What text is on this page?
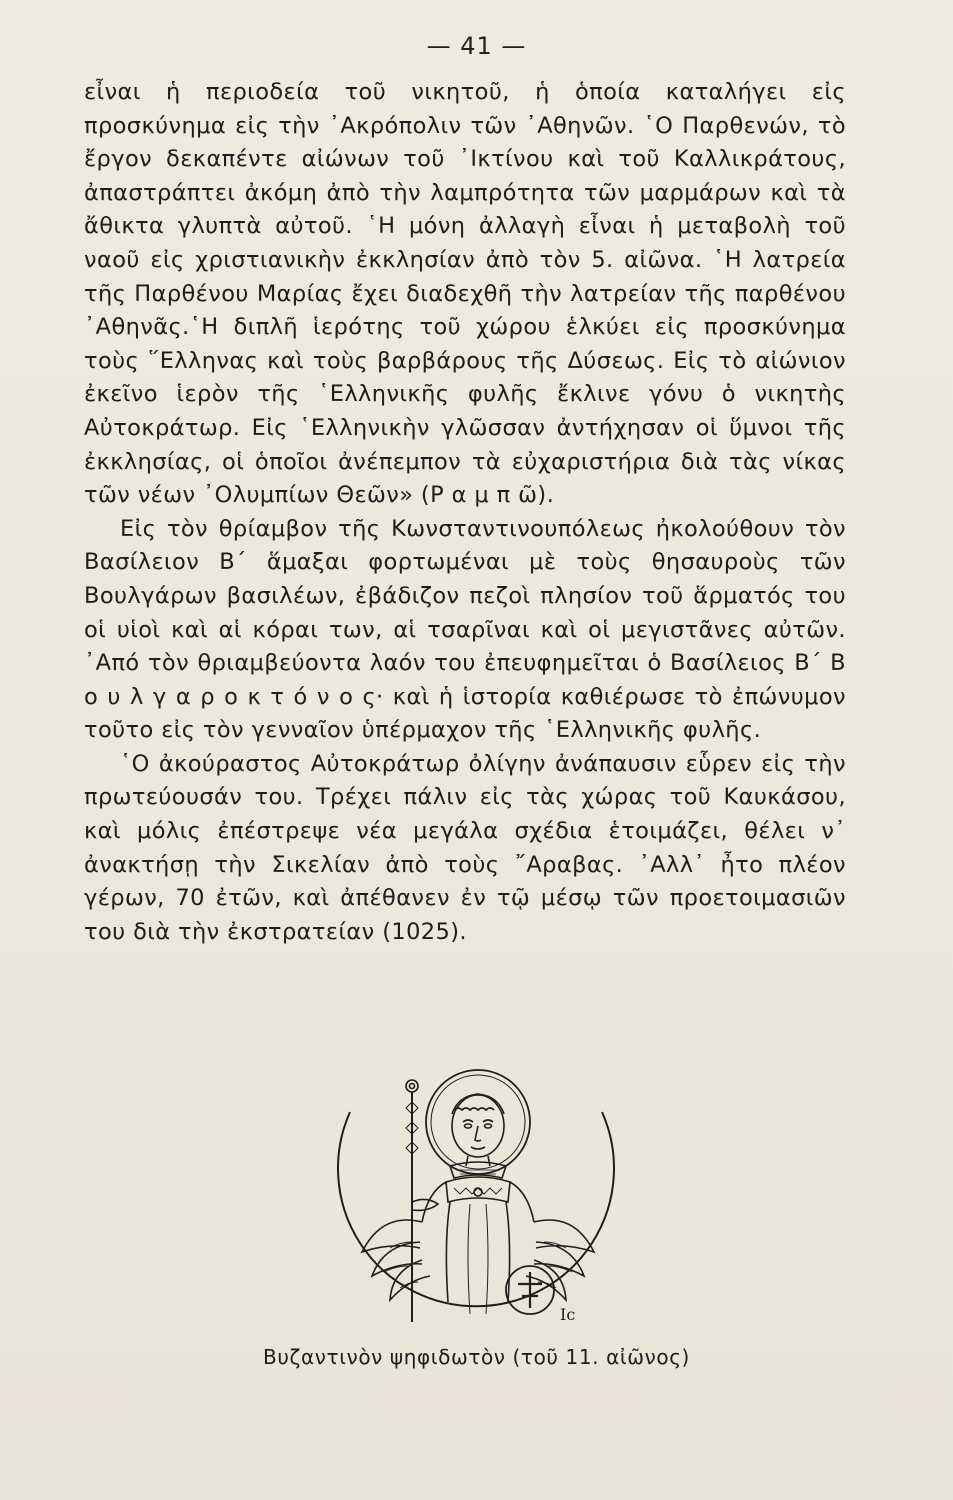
— 41 —

εἶναι ἡ περιοδεία τοῦ νικητοῦ, ἡ ὁποία καταλήγει εἰς προσκύνημα εἰς τὴν ᾿Ακρόπολιν τῶν ᾿Αθηνῶν. ῾Ο Παρθενών, τὸ ἔργον δεκαπέντε αἰώνων τοῦ ᾿Ικτίνου καὶ τοῦ Καλλικράτους, ἀπαστράπτει ἀκόμη ἀπὸ τὴν λαμπρότητα τῶν μαρμάρων καὶ τὰ ἄθικτα γλυπτὰ αὐτοῦ. ῾Η μόνη ἀλλαγὴ εἶναι ἡ μεταβολὴ τοῦ ναοῦ εἰς χριστιανικὴν ἐκκλησίαν ἀπὸ τὸν 5. αἰῶνα. ῾Η λατρεία τῆς Παρθένου Μαρίας ἔχει διαδεχθῆ τὴν λατρείαν τῆς παρθένου ᾿Αθηνᾶς.῾Η διπλῆ ἱερότης τοῦ χώρου ἑλκύει εἰς προσκύνημα τοὺς ῞Ελληνας καὶ τοὺς βαρβάρους τῆς Δύσεως. Εἰς τὸ αἰώνιον ἐκεῖνο ἱερὸν τῆς ῾Ελληνικῆς φυλῆς ἔκλινε γόνυ ὁ νικητὴς Αὐτοκράτωρ. Εἰς ῾Ελληνικὴν γλῶσσαν ἀντήχησαν οἱ ὕμνοι τῆς ἐκκλησίας, οἱ ὁποῖοι ἀνέπεμπον τὰ εὐχαριστήρια διὰ τὰς νίκας τῶν νέων ᾿Ολυμπίων Θεῶν» (Ρ α μ π ῶ).

Εἰς τὸν θρίαμβον τῆς Κωνσταντινουπόλεως ἠκολούθουν τὸν Βασίλειον Β΄ ἅμαξαι φορτωμέναι μὲ τοὺς θησαυροὺς τῶν Βουλγάρων βασιλέων, ἐβάδιζον πεζοὶ πλησίον τοῦ ἅρματός του οἱ υἱοὶ καὶ αἱ κόραι των, αἱ τσαρῖναι καὶ οἱ μεγιστᾶνες αὐτῶν. ᾿Από τὸν θριαμβεύοντα λαόν του ἐπευφημεῖται ὁ Βασίλειος Β΄ Β ο υ λ γ α ρ ο κ τ ό ν ο ς· καὶ ἡ ἱστορία καθιέρωσε τὸ ἐπώνυμον τοῦτο εἰς τὸν γενναῖον ὑπέρμαχον τῆς ῾Ελληνικῆς φυλῆς.

῾Ο ἀκούραστος Αὐτοκράτωρ ὀλίγην ἀνάπαυσιν εὗρεν εἰς τὴν πρωτεύουσάν του. Τρέχει πάλιν εἰς τὰς χώρας τοῦ Καυκάσου, καὶ μόλις ἐπέστρεψε νέα μεγάλα σχέδια ἑτοιμάζει, θέλει ν᾿ ἀνακτήσῃ τὴν Σικελίαν ἀπὸ τοὺς ῎Αραβας. ᾿Αλλ᾿ ἦτο πλέον γέρων, 70 ἐτῶν, καὶ ἀπέθανεν ἐν τῷ μέσῳ τῶν προετοιμασιῶν του διὰ τὴν ἐκστρατείαν (1025).

Ιϲ
Βυζαντινὸν ψηφιδωτὸν (τοῦ 11. αἰῶνος)
